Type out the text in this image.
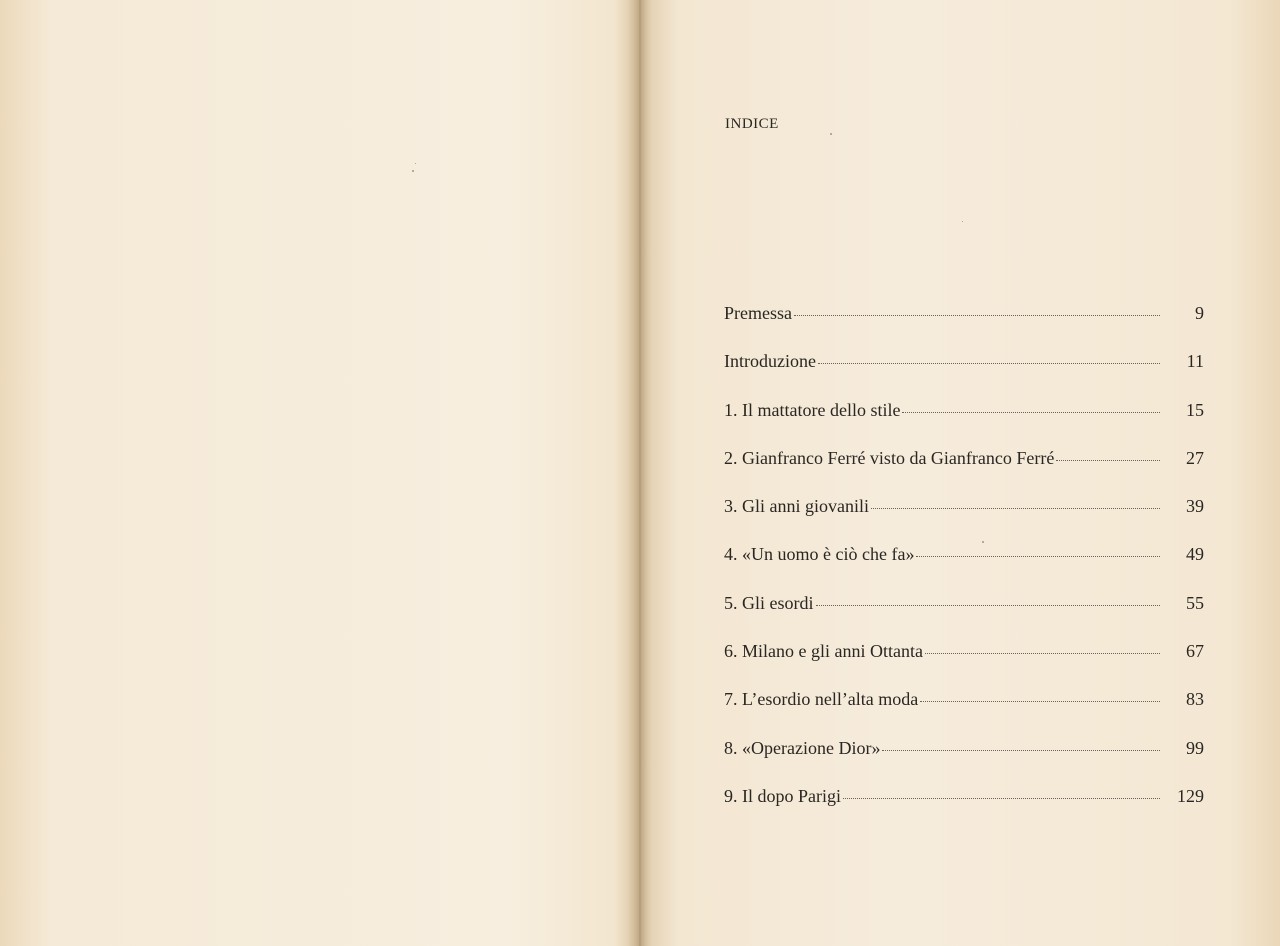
INDICE
Premessa	9
Introduzione	11
1. Il mattatore dello stile	15
2. Gianfranco Ferré visto da Gianfranco Ferré	27
3. Gli anni giovanili	39
4. «Un uomo è ciò che fa»	49
5. Gli esordi	55
6. Milano e gli anni Ottanta	67
7. L’esordio nell’alta moda	83
8. «Operazione Dior»	99
9. Il dopo Parigi	129
